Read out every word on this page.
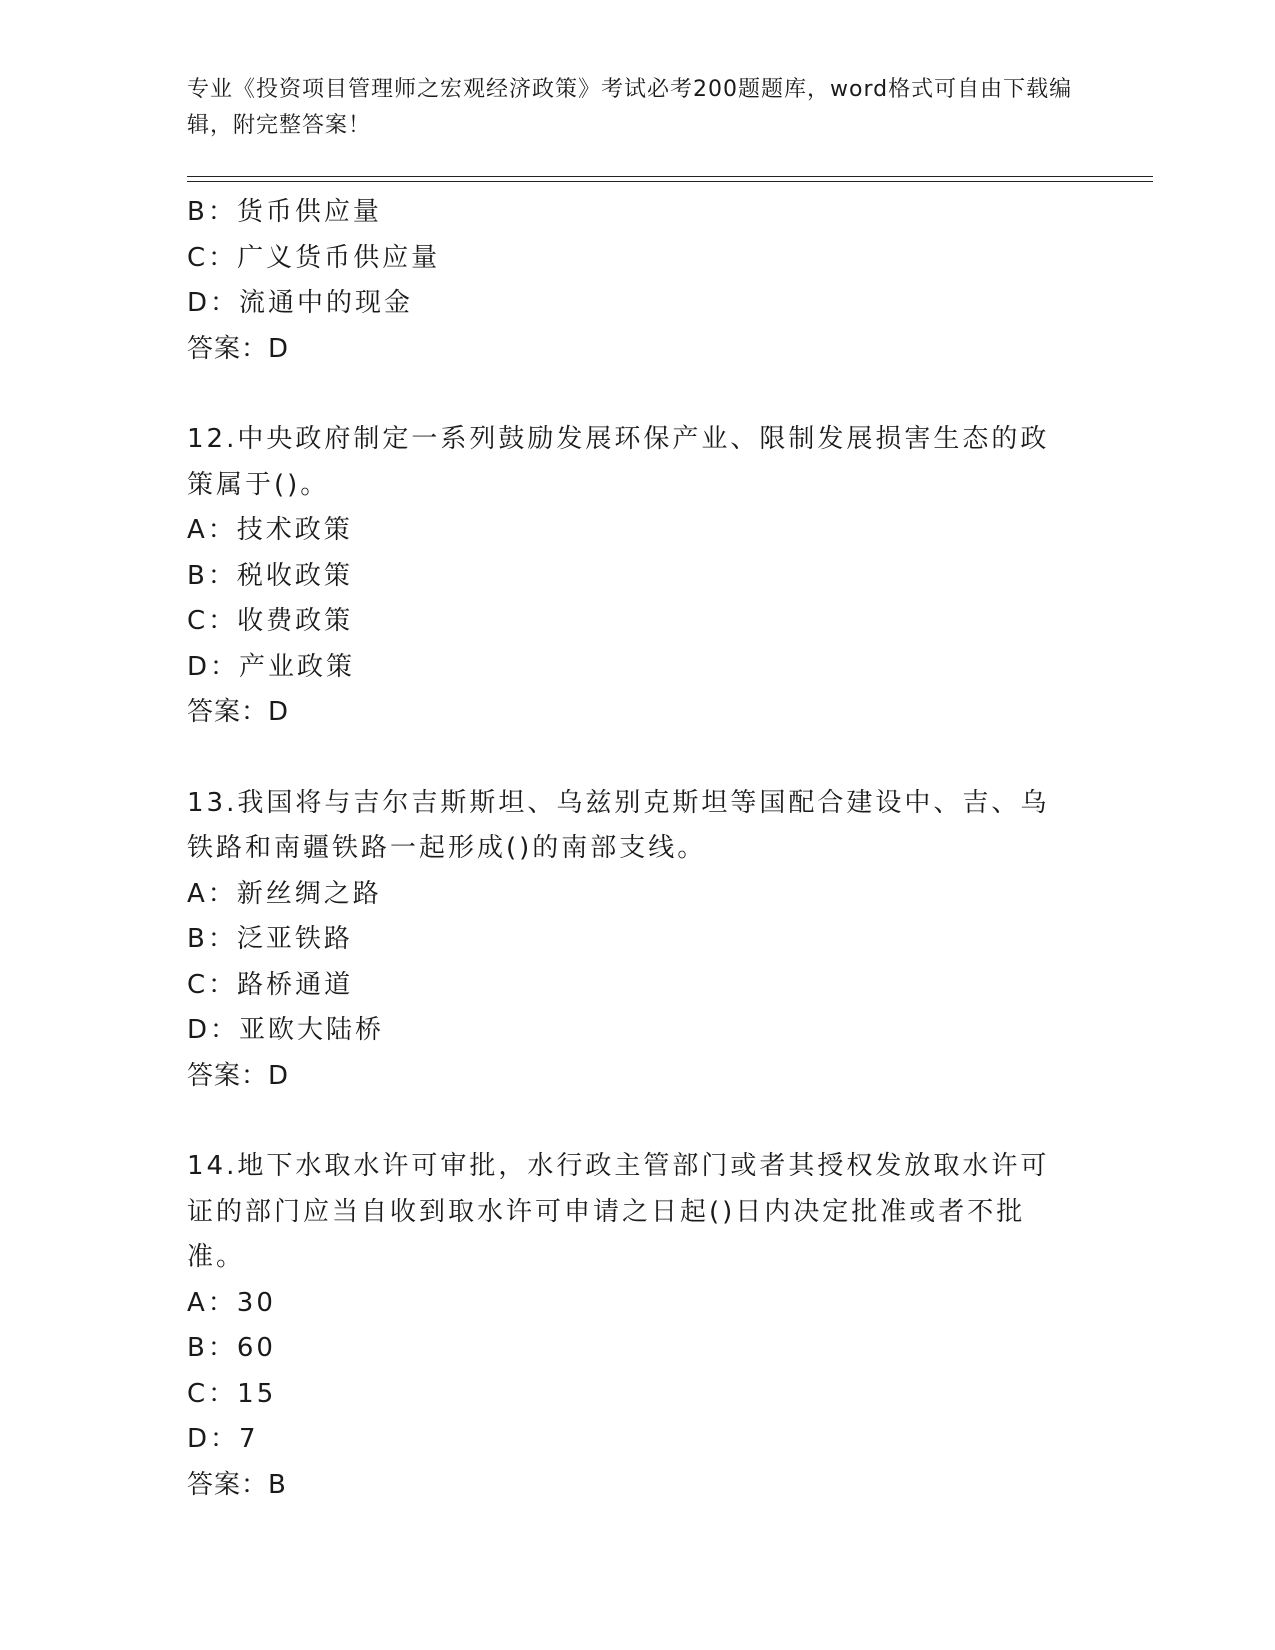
专业《投资项目管理师之宏观经济政策》考试必考200题题库，word格式可自由下载编辑，附完整答案！
B：货币供应量
C：广义货币供应量
D：流通中的现金
答案：D
12.中央政府制定一系列鼓励发展环保产业、限制发展损害生态的政策属于()。
A：技术政策
B：税收政策
C：收费政策
D：产业政策
答案：D
13.我国将与吉尔吉斯斯坦、乌兹别克斯坦等国配合建设中、吉、乌铁路和南疆铁路一起形成()的南部支线。
A：新丝绸之路
B：泛亚铁路
C：路桥通道
D：亚欧大陆桥
答案：D
14.地下水取水许可审批，水行政主管部门或者其授权发放取水许可证的部门应当自收到取水许可申请之日起()日内决定批准或者不批准。
A：30
B：60
C：15
D：7
答案：B
